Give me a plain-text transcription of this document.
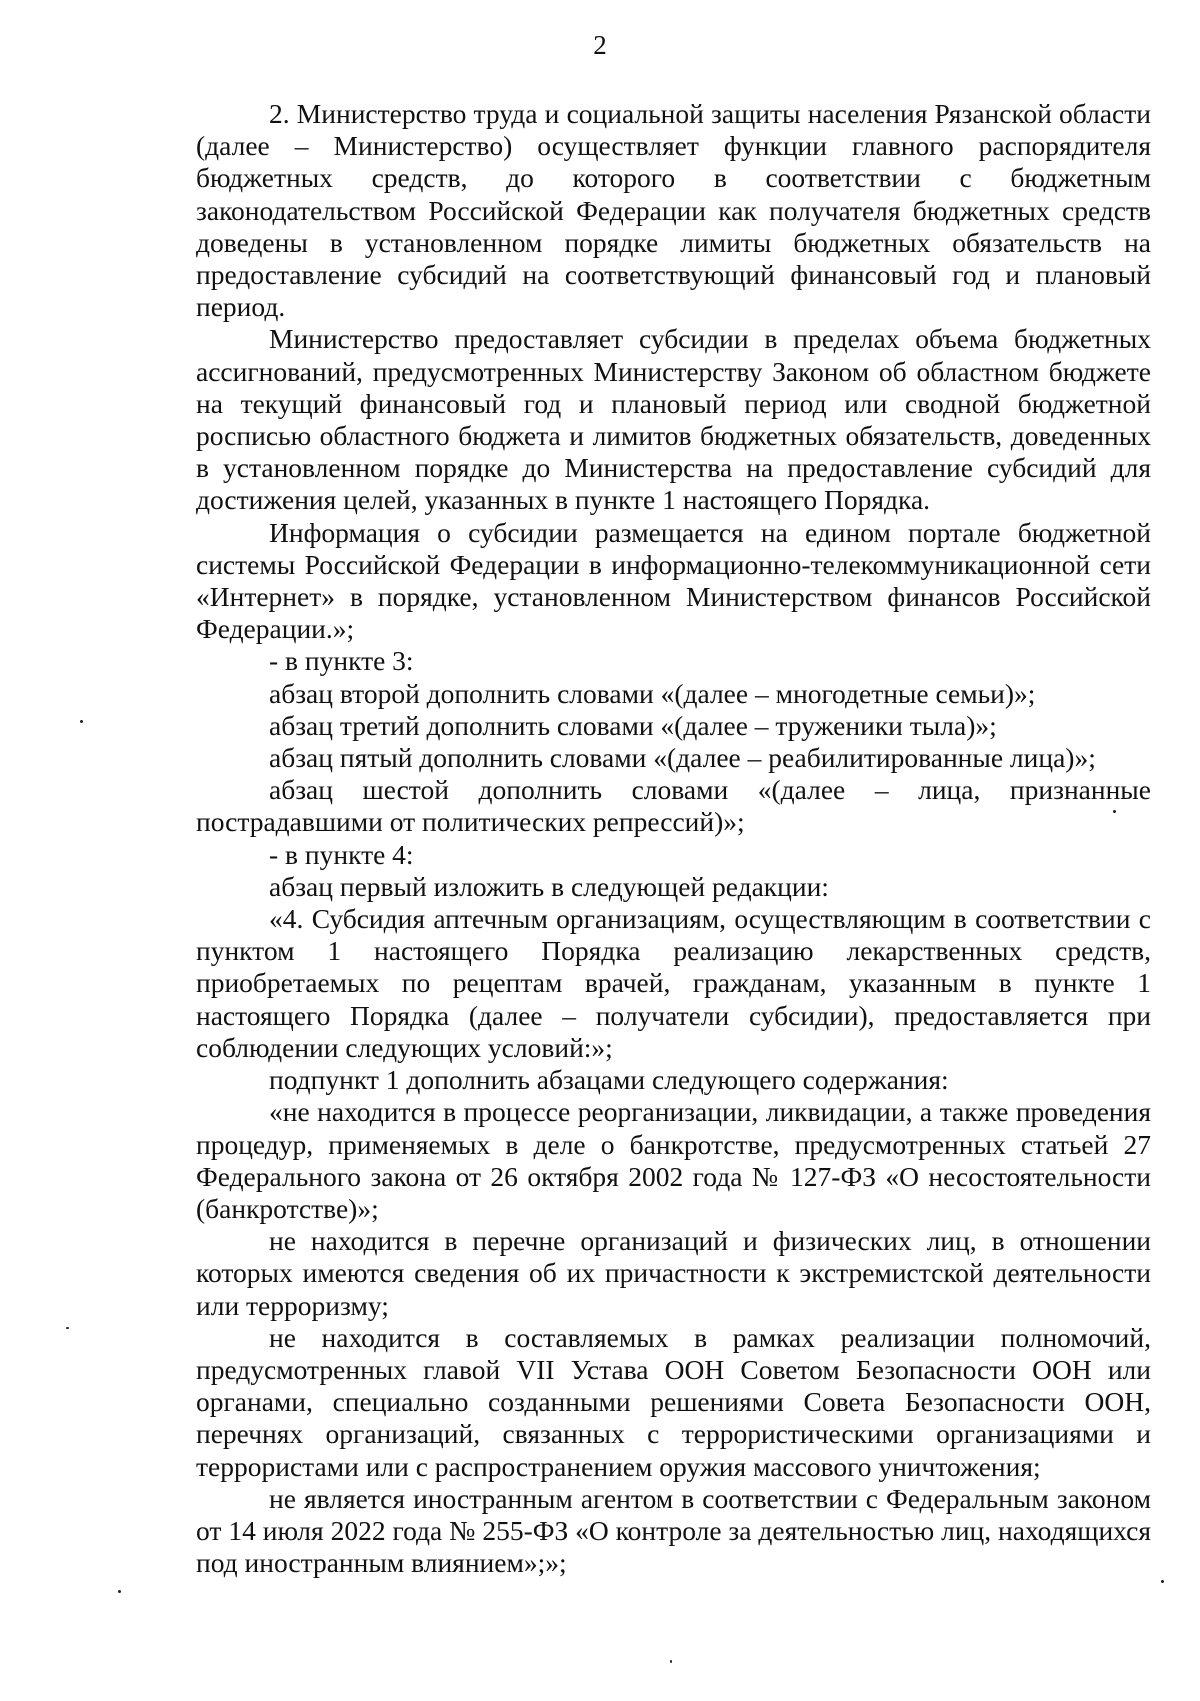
2

2. Министерство труда и социальной защиты населения Рязанской области (далее – Министерство) осуществляет функции главного распорядителя бюджетных средств, до которого в соответствии с бюджетным законодательством Российской Федерации как получателя бюджетных средств доведены в установленном порядке лимиты бюджетных обязательств на предоставление субсидий на соответствующий финансовый год и плановый период.

Министерство предоставляет субсидии в пределах объема бюджетных ассигнований, предусмотренных Министерству Законом об областном бюджете на текущий финансовый год и плановый период или сводной бюджетной росписью областного бюджета и лимитов бюджетных обязательств, доведенных в установленном порядке до Министерства на предоставление субсидий для достижения целей, указанных в пункте 1 настоящего Порядка.

Информация о субсидии размещается на едином портале бюджетной системы Российской Федерации в информационно-телекоммуникационной сети «Интернет» в порядке, установленном Министерством финансов Российской Федерации.»;

- в пункте 3:

абзац второй дополнить словами «(далее – многодетные семьи)»;

абзац третий дополнить словами «(далее – труженики тыла)»;

абзац пятый дополнить словами «(далее – реабилитированные лица)»;

абзац шестой дополнить словами «(далее – лица, признанные пострадавшими от политических репрессий)»;

- в пункте 4:

абзац первый изложить в следующей редакции:

«4. Субсидия аптечным организациям, осуществляющим в соответствии с пунктом 1 настоящего Порядка реализацию лекарственных средств, приобретаемых по рецептам врачей, гражданам, указанным в пункте 1 настоящего Порядка (далее – получатели субсидии), предоставляется при соблюдении следующих условий:»;

подпункт 1 дополнить абзацами следующего содержания:

«не находится в процессе реорганизации, ликвидации, а также проведения процедур, применяемых в деле о банкротстве, предусмотренных статьей 27 Федерального закона от 26 октября 2002 года № 127-ФЗ «О несостоятельности (банкротстве)»;

не находится в перечне организаций и физических лиц, в отношении которых имеются сведения об их причастности к экстремистской деятельности или терроризму;

не находится в составляемых в рамках реализации полномочий, предусмотренных главой VII Устава ООН Советом Безопасности ООН или органами, специально созданными решениями Совета Безопасности ООН, перечнях организаций, связанных с террористическими организациями и террористами или с распространением оружия массового уничтожения;

не является иностранным агентом в соответствии с Федеральным законом от 14 июля 2022 года № 255-ФЗ «О контроле за деятельностью лиц, находящихся под иностранным влиянием»;»;
